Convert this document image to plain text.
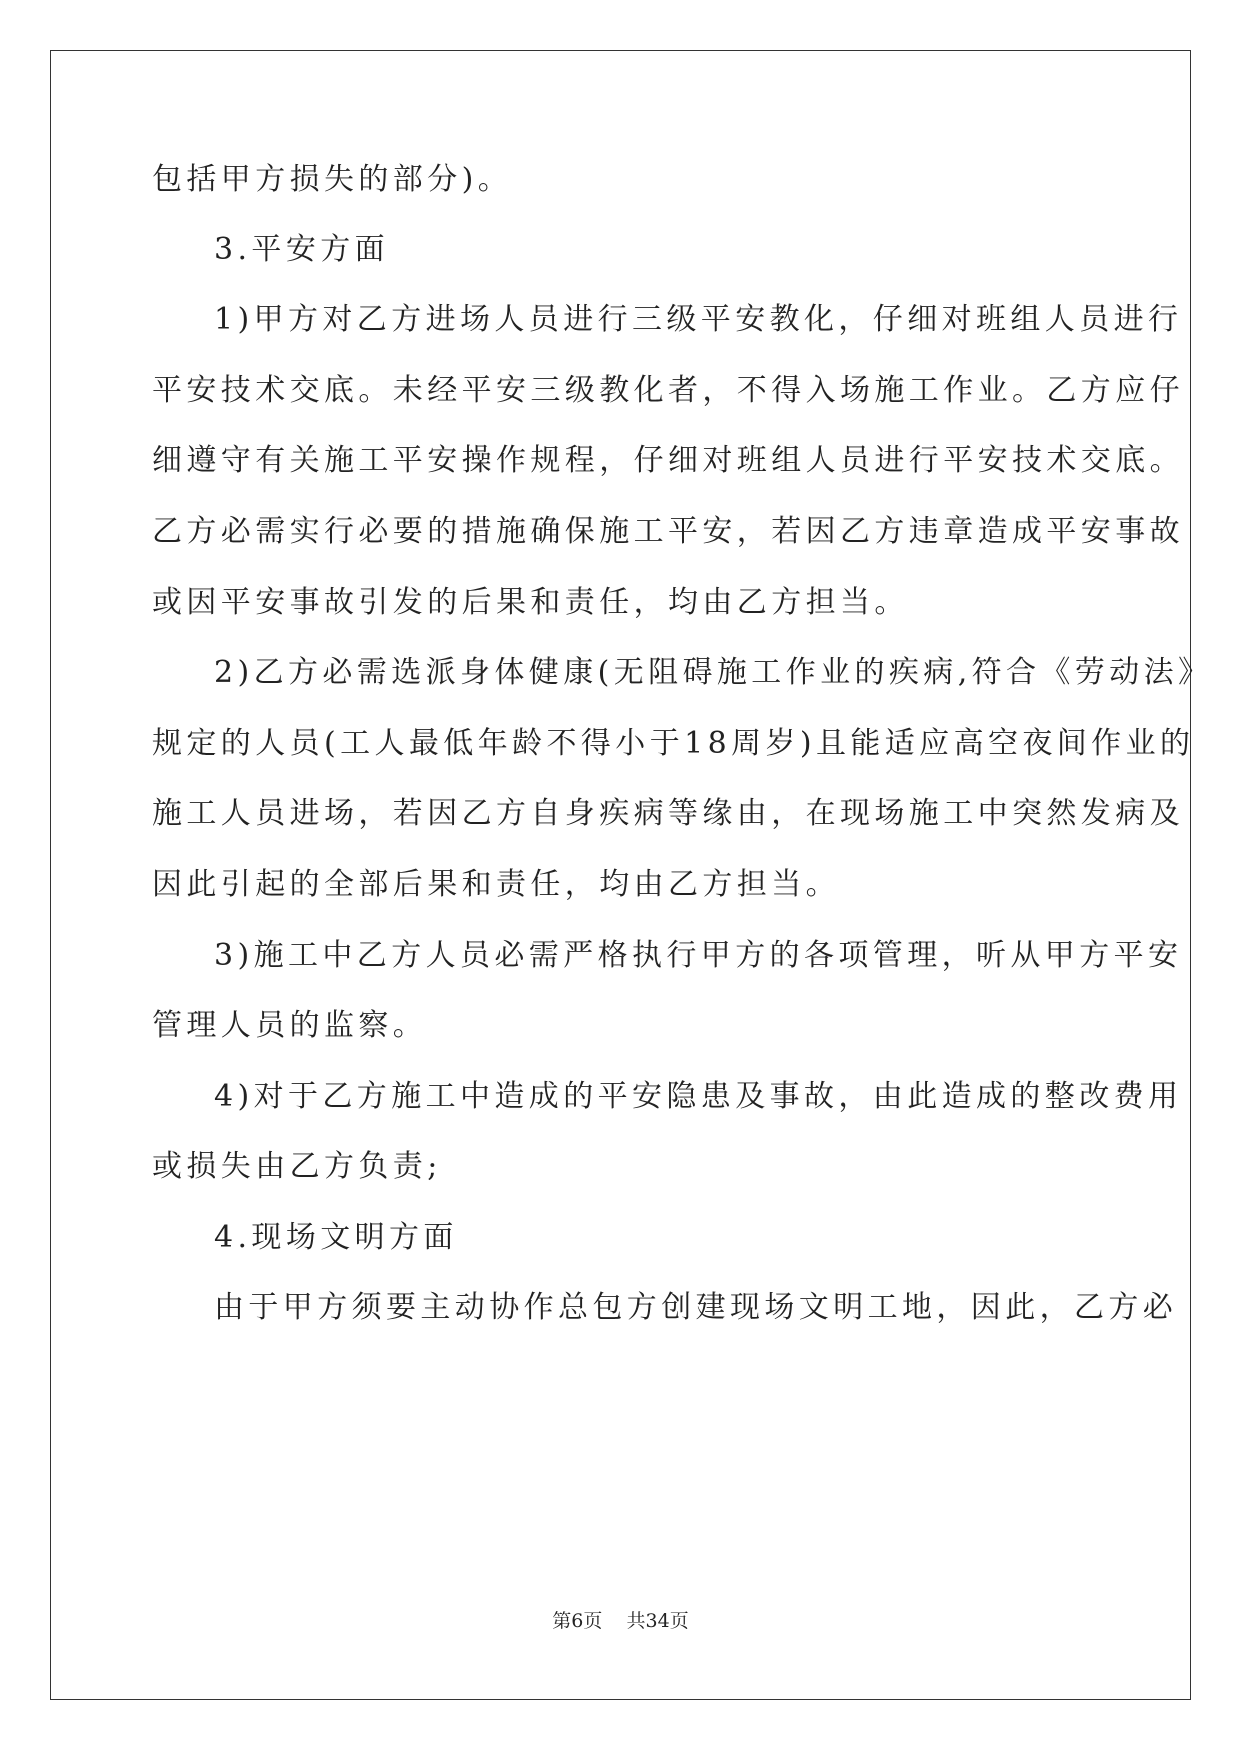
包括甲方损失的部分)。
3.平安方面
1)甲方对乙方进场人员进行三级平安教化，仔细对班组人员进行
平安技术交底。未经平安三级教化者，不得入场施工作业。乙方应仔
细遵守有关施工平安操作规程，仔细对班组人员进行平安技术交底。
乙方必需实行必要的措施确保施工平安，若因乙方违章造成平安事故
或因平安事故引发的后果和责任，均由乙方担当。
2)乙方必需选派身体健康(无阻碍施工作业的疾病,符合《劳动法》
规定的人员(工人最低年龄不得小于18周岁)且能适应高空夜间作业的
施工人员进场，若因乙方自身疾病等缘由，在现场施工中突然发病及
因此引起的全部后果和责任，均由乙方担当。
3)施工中乙方人员必需严格执行甲方的各项管理，听从甲方平安
管理人员的监察。
4)对于乙方施工中造成的平安隐患及事故，由此造成的整改费用
或损失由乙方负责;
4.现场文明方面
由于甲方须要主动协作总包方创建现场文明工地，因此，乙方必
第6页 共34页
